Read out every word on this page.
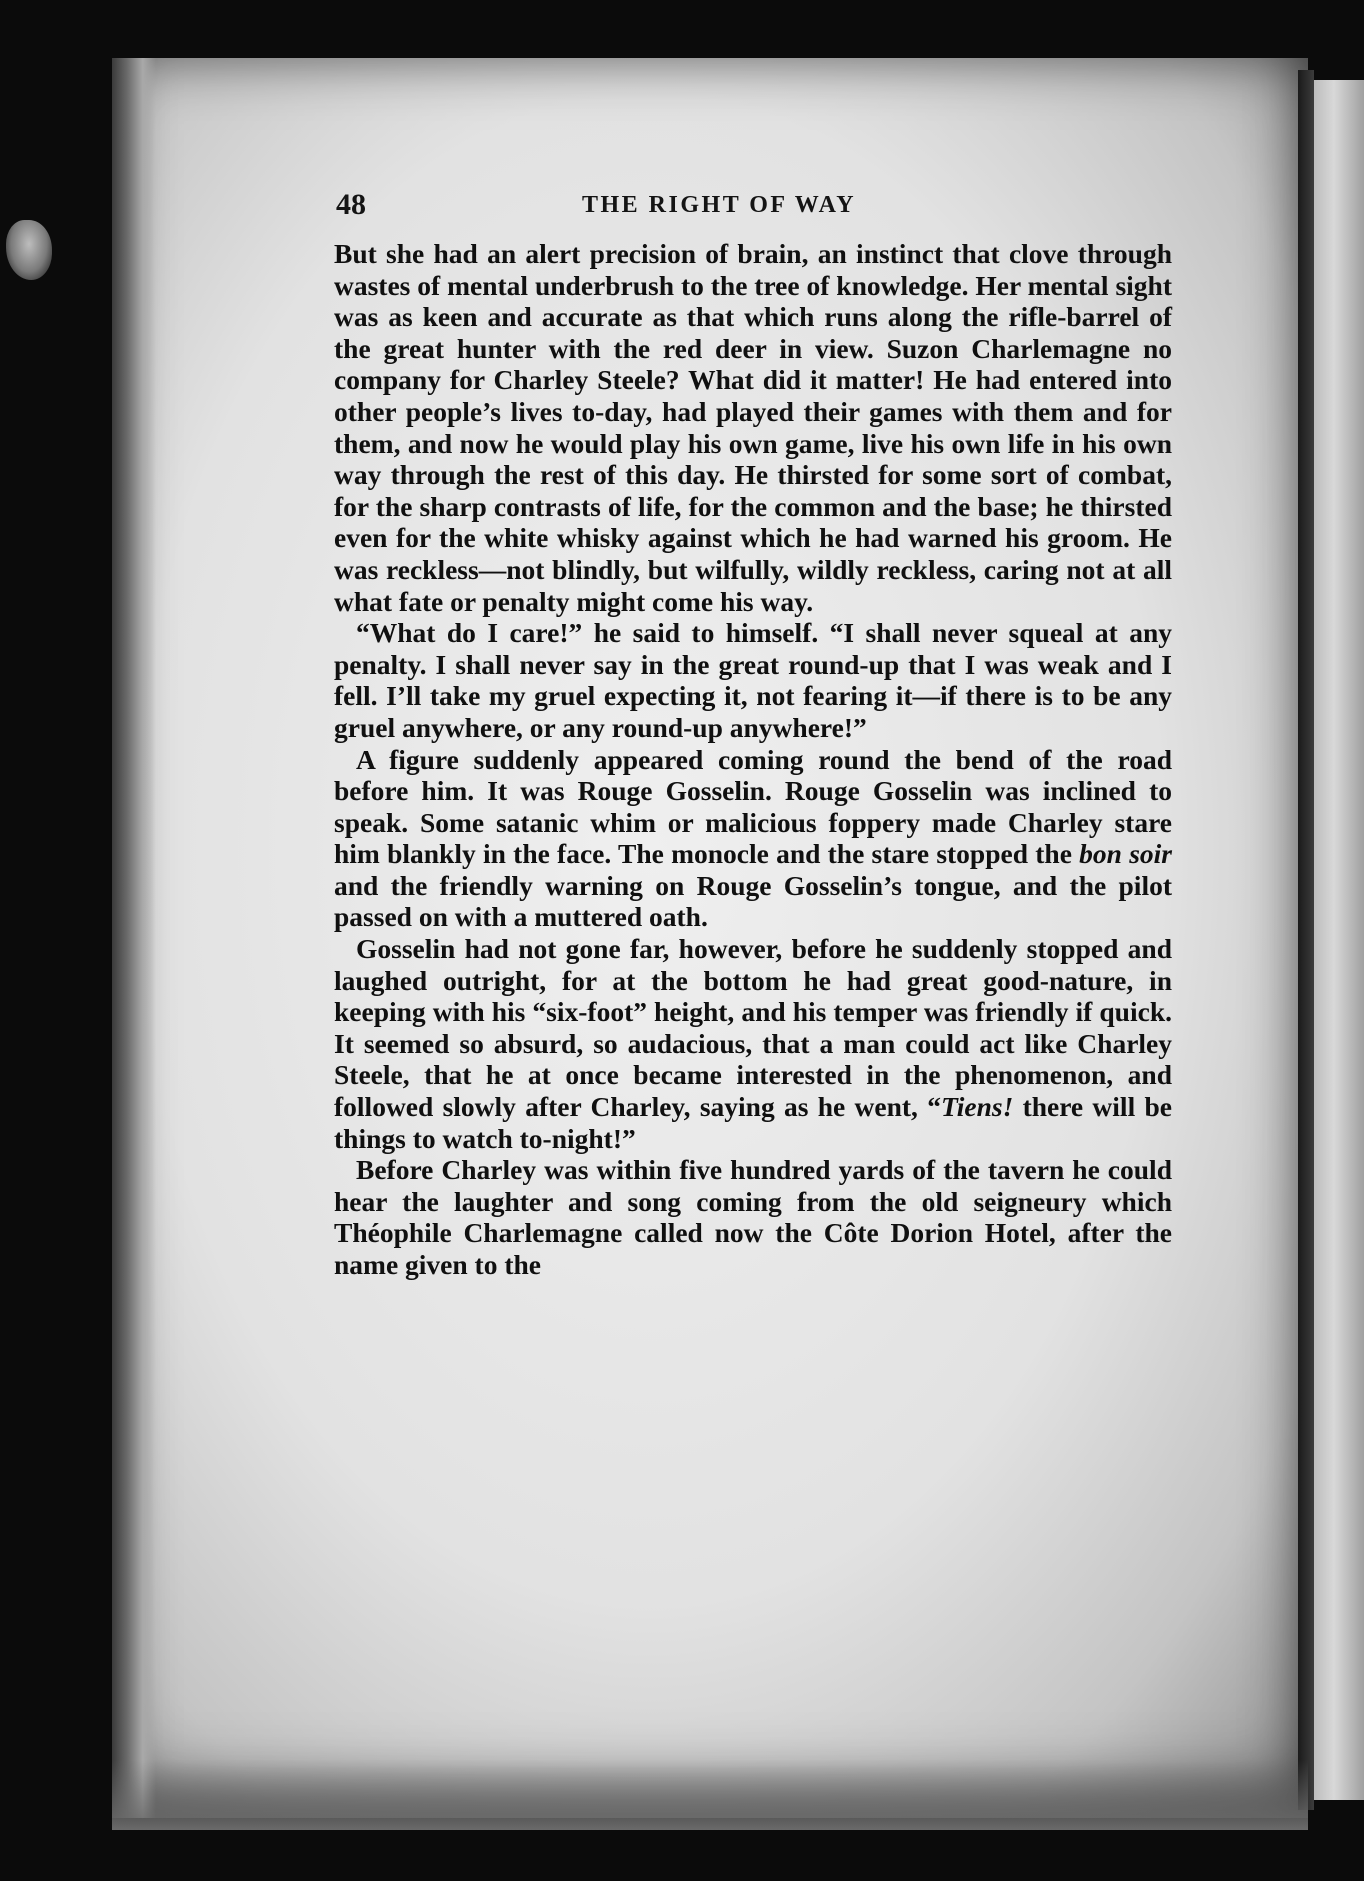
48	THE RIGHT OF WAY

But she had an alert precision of brain, an instinct that clove through wastes of mental underbrush to the tree of knowledge. Her mental sight was as keen and accurate as that which runs along the rifle-barrel of the great hunter with the red deer in view. Suzon Charlemagne no company for Charley Steele? What did it matter! He had entered into other people’s lives to-day, had played their games with them and for them, and now he would play his own game, live his own life in his own way through the rest of this day. He thirsted for some sort of combat, for the sharp contrasts of life, for the common and the base; he thirsted even for the white whisky against which he had warned his groom. He was reckless—not blindly, but wilfully, wildly reckless, caring not at all what fate or penalty might come his way.

“What do I care!” he said to himself. “I shall never squeal at any penalty. I shall never say in the great round-up that I was weak and I fell. I’ll take my gruel expecting it, not fearing it—if there is to be any gruel anywhere, or any round-up anywhere!”

A figure suddenly appeared coming round the bend of the road before him. It was Rouge Gosselin. Rouge Gosselin was inclined to speak. Some satanic whim or malicious foppery made Charley stare him blankly in the face. The monocle and the stare stopped the bon soir and the friendly warning on Rouge Gosselin’s tongue, and the pilot passed on with a muttered oath.

Gosselin had not gone far, however, before he suddenly stopped and laughed outright, for at the bottom he had great good-nature, in keeping with his “six-foot” height, and his temper was friendly if quick. It seemed so absurd, so audacious, that a man could act like Charley Steele, that he at once became interested in the phenomenon, and followed slowly after Charley, saying as he went, “Tiens! there will be things to watch to-night!”

Before Charley was within five hundred yards of the tavern he could hear the laughter and song coming from the old seigneury which Théophile Charlemagne called now the Côte Dorion Hotel, after the name given to the
